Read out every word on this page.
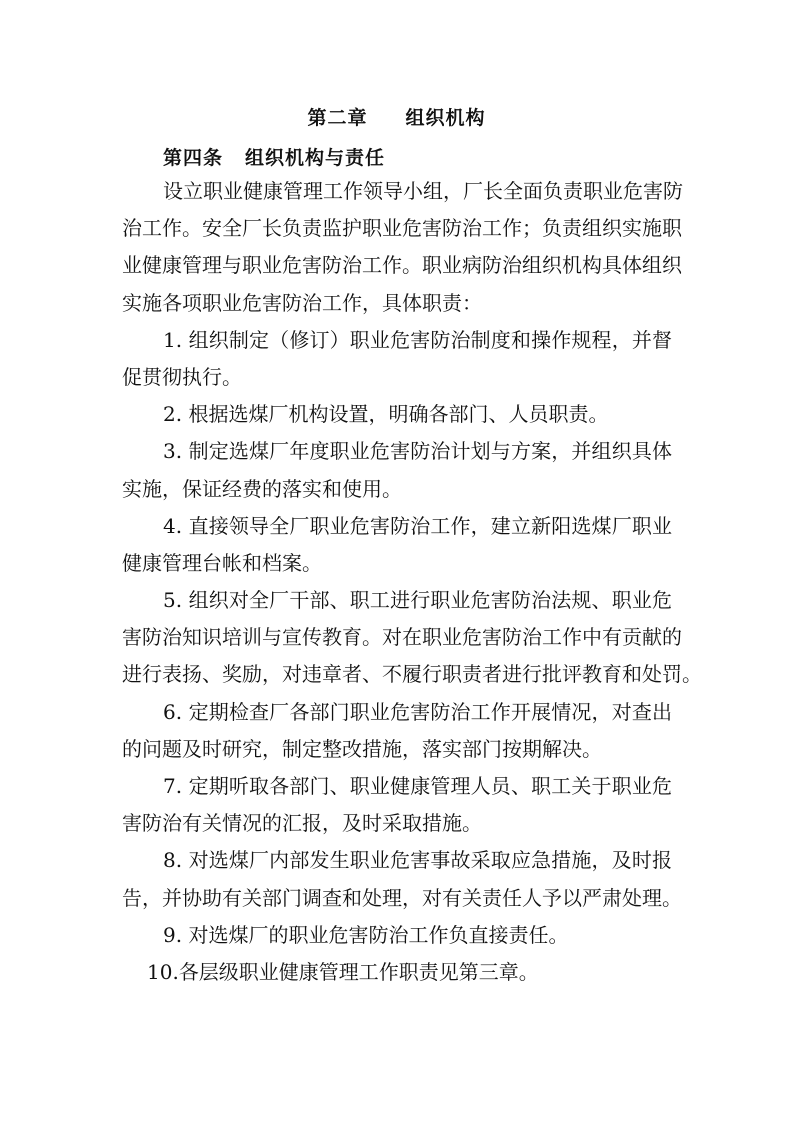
第二章 组织机构
第四条 组织机构与责任
设立职业健康管理工作领导小组，厂长全面负责职业危害防
治工作。安全厂长负责监护职业危害防治工作；负责组织实施职
业健康管理与职业危害防治工作。职业病防治组织机构具体组织
实施各项职业危害防治工作，具体职责：
1. 组织制定（修订）职业危害防治制度和操作规程，并督
促贯彻执行。
2. 根据选煤厂机构设置，明确各部门、人员职责。
3. 制定选煤厂年度职业危害防治计划与方案，并组织具体
实施，保证经费的落实和使用。
4. 直接领导全厂职业危害防治工作，建立新阳选煤厂职业
健康管理台帐和档案。
5. 组织对全厂干部、职工进行职业危害防治法规、职业危
害防治知识培训与宣传教育。对在职业危害防治工作中有贡献的
进行表扬、奖励，对违章者、不履行职责者进行批评教育和处罚。
6. 定期检查厂各部门职业危害防治工作开展情况，对查出
的问题及时研究，制定整改措施，落实部门按期解决。
7. 定期听取各部门、职业健康管理人员、职工关于职业危
害防治有关情况的汇报，及时采取措施。
8. 对选煤厂内部发生职业危害事故采取应急措施，及时报
告，并协助有关部门调查和处理，对有关责任人予以严肃处理。
9. 对选煤厂的职业危害防治工作负直接责任。
10.各层级职业健康管理工作职责见第三章。
